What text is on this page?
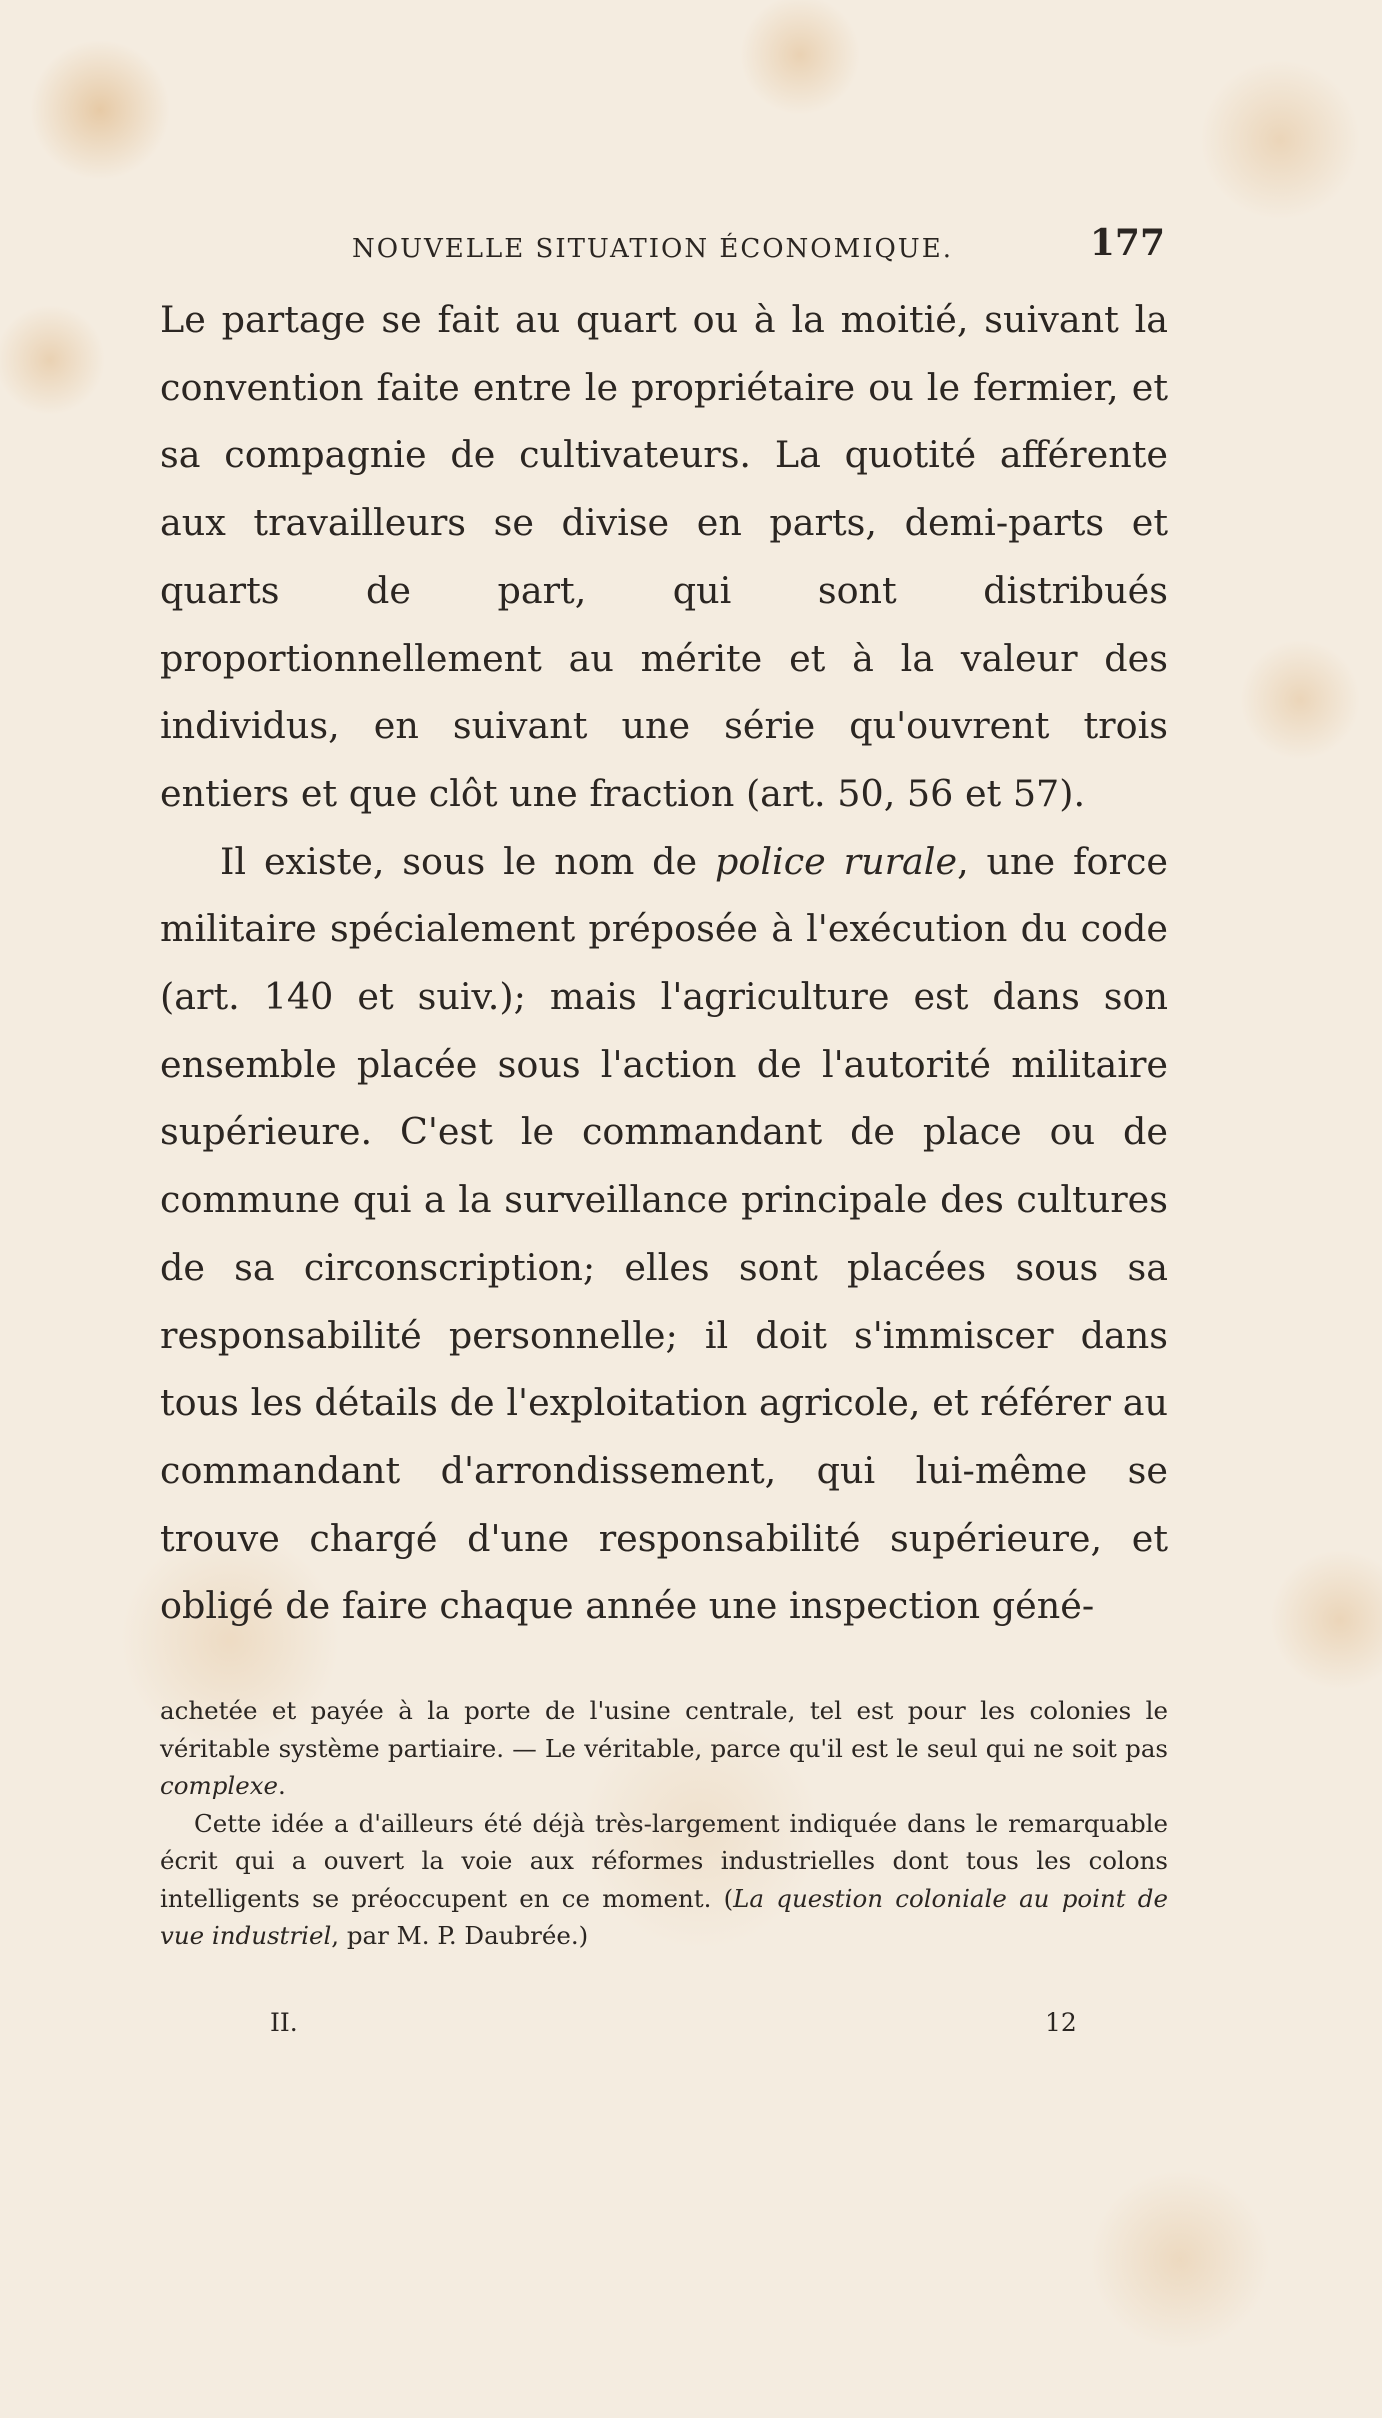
NOUVELLE SITUATION ÉCONOMIQUE.	177

Le partage se fait au quart ou à la moitié, suivant la convention faite entre le propriétaire ou le fermier, et sa compagnie de cultivateurs. La quotité afférente aux travailleurs se divise en parts, demi-parts et quarts de part, qui sont distribués proportionnellement au mérite et à la valeur des individus, en suivant une série qu'ouvrent trois entiers et que clôt une fraction (art. 50, 56 et 57).

Il existe, sous le nom de police rurale, une force militaire spécialement préposée à l'exécution du code (art. 140 et suiv.); mais l'agriculture est dans son ensemble placée sous l'action de l'autorité militaire supérieure. C'est le commandant de place ou de commune qui a la surveillance principale des cultures de sa circonscription; elles sont placées sous sa responsabilité personnelle; il doit s'immiscer dans tous les détails de l'exploitation agricole, et référer au commandant d'arrondissement, qui lui-même se trouve chargé d'une responsabilité supérieure, et obligé de faire chaque année une inspection géné-

achetée et payée à la porte de l'usine centrale, tel est pour les colonies le véritable système partiaire. — Le véritable, parce qu'il est le seul qui ne soit pas complexe.

Cette idée a d'ailleurs été déjà très-largement indiquée dans le remarquable écrit qui a ouvert la voie aux réformes industrielles dont tous les colons intelligents se préoccupent en ce moment. (La question coloniale au point de vue industriel, par M. P. Daubrée.)

II.	12
